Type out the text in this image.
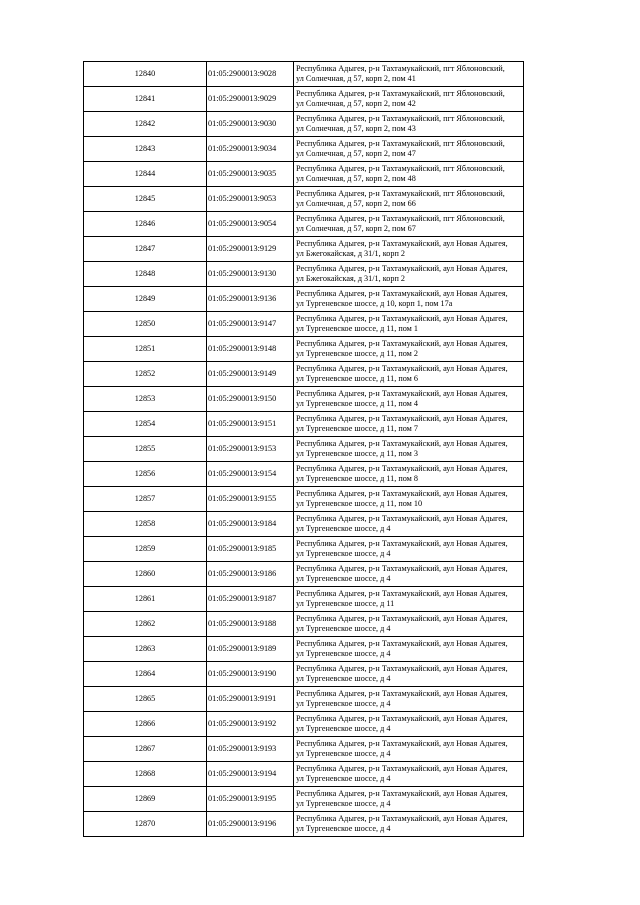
12840	01:05:2900013:9028	Республика Адыгея, р-н Тахтамукайский, пгт Яблоновский,
ул Солнечная, д 57, корп 2, пом 41

12841	01:05:2900013:9029	Республика Адыгея, р-н Тахтамукайский, пгт Яблоновский,
ул Солнечная, д 57, корп 2, пом 42

12842	01:05:2900013:9030	Республика Адыгея, р-н Тахтамукайский, пгт Яблоновский,
ул Солнечная, д 57, корп 2, пом 43

12843	01:05:2900013:9034	Республика Адыгея, р-н Тахтамукайский, пгт Яблоновский,
ул Солнечная, д 57, корп 2, пом 47

12844	01:05:2900013:9035	Республика Адыгея, р-н Тахтамукайский, пгт Яблоновский,
ул Солнечная, д 57, корп 2, пом 48

12845	01:05:2900013:9053	Республика Адыгея, р-н Тахтамукайский, пгт Яблоновский,
ул Солнечная, д 57, корп 2, пом 66

12846	01:05:2900013:9054	Республика Адыгея, р-н Тахтамукайский, пгт Яблоновский,
ул Солнечная, д 57, корп 2, пом 67

12847	01:05:2900013:9129	Республика Адыгея, р-н Тахтамукайский, аул Новая Адыгея,
ул Бжегокайская, д 31/1, корп 2

12848	01:05:2900013:9130	Республика Адыгея, р-н Тахтамукайский, аул Новая Адыгея,
ул Бжегокайская, д 31/1, корп 2

12849	01:05:2900013:9136	Республика Адыгея, р-н Тахтамукайский, аул Новая Адыгея,
ул Тургеневское шоссе, д 10, корп 1, пом 17а

12850	01:05:2900013:9147	Республика Адыгея, р-н Тахтамукайский, аул Новая Адыгея,
ул Тургеневское шоссе, д 11, пом 1

12851	01:05:2900013:9148	Республика Адыгея, р-н Тахтамукайский, аул Новая Адыгея,
ул Тургеневское шоссе, д 11, пом 2

12852	01:05:2900013:9149	Республика Адыгея, р-н Тахтамукайский, аул Новая Адыгея,
ул Тургеневское шоссе, д 11, пом 6

12853	01:05:2900013:9150	Республика Адыгея, р-н Тахтамукайский, аул Новая Адыгея,
ул Тургеневское шоссе, д 11, пом 4

12854	01:05:2900013:9151	Республика Адыгея, р-н Тахтамукайский, аул Новая Адыгея,
ул Тургеневское шоссе, д 11, пом 7

12855	01:05:2900013:9153	Республика Адыгея, р-н Тахтамукайский, аул Новая Адыгея,
ул Тургеневское шоссе, д 11, пом 3

12856	01:05:2900013:9154	Республика Адыгея, р-н Тахтамукайский, аул Новая Адыгея,
ул Тургеневское шоссе, д 11, пом 8

12857	01:05:2900013:9155	Республика Адыгея, р-н Тахтамукайский, аул Новая Адыгея,
ул Тургеневское шоссе, д 11, пом 10

12858	01:05:2900013:9184	Республика Адыгея, р-н Тахтамукайский, аул Новая Адыгея,
ул Тургеневское шоссе, д 4

12859	01:05:2900013:9185	Республика Адыгея, р-н Тахтамукайский, аул Новая Адыгея,
ул Тургеневское шоссе, д 4

12860	01:05:2900013:9186	Республика Адыгея, р-н Тахтамукайский, аул Новая Адыгея,
ул Тургеневское шоссе, д 4

12861	01:05:2900013:9187	Республика Адыгея, р-н Тахтамукайский, аул Новая Адыгея,
ул Тургеневское шоссе, д 11

12862	01:05:2900013:9188	Республика Адыгея, р-н Тахтамукайский, аул Новая Адыгея,
ул Тургеневское шоссе, д 4

12863	01:05:2900013:9189	Республика Адыгея, р-н Тахтамукайский, аул Новая Адыгея,
ул Тургеневское шоссе, д 4

12864	01:05:2900013:9190	Республика Адыгея, р-н Тахтамукайский, аул Новая Адыгея,
ул Тургеневское шоссе, д 4

12865	01:05:2900013:9191	Республика Адыгея, р-н Тахтамукайский, аул Новая Адыгея,
ул Тургеневское шоссе, д 4

12866	01:05:2900013:9192	Республика Адыгея, р-н Тахтамукайский, аул Новая Адыгея,
ул Тургеневское шоссе, д 4

12867	01:05:2900013:9193	Республика Адыгея, р-н Тахтамукайский, аул Новая Адыгея,
ул Тургеневское шоссе, д 4

12868	01:05:2900013:9194	Республика Адыгея, р-н Тахтамукайский, аул Новая Адыгея,
ул Тургеневское шоссе, д 4

12869	01:05:2900013:9195	Республика Адыгея, р-н Тахтамукайский, аул Новая Адыгея,
ул Тургеневское шоссе, д 4

12870	01:05:2900013:9196	Республика Адыгея, р-н Тахтамукайский, аул Новая Адыгея,
ул Тургеневское шоссе, д 4
